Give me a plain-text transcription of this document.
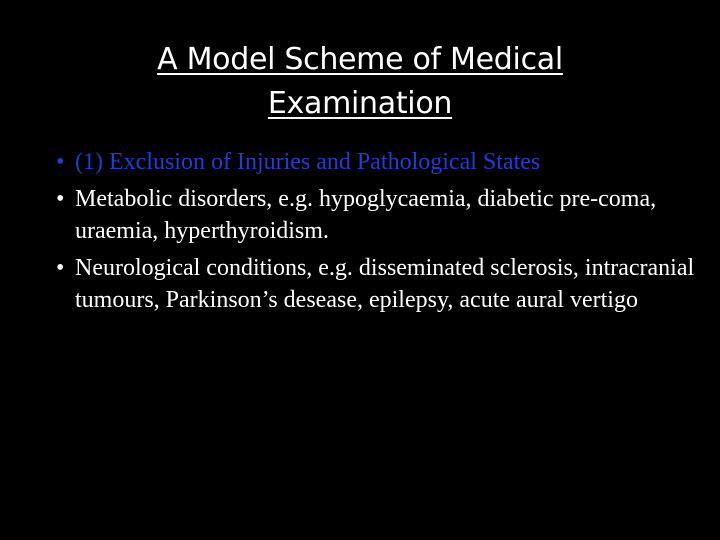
A Model Scheme of Medical
Examination
• (1) Exclusion of Injuries and Pathological States
• Metabolic disorders, e.g. hypoglycaemia, diabetic pre-coma, uraemia, hyperthyroidism.
• Neurological conditions, e.g. disseminated sclerosis, intracranial tumours, Parkinson’s desease, epilepsy, acute aural vertigo
